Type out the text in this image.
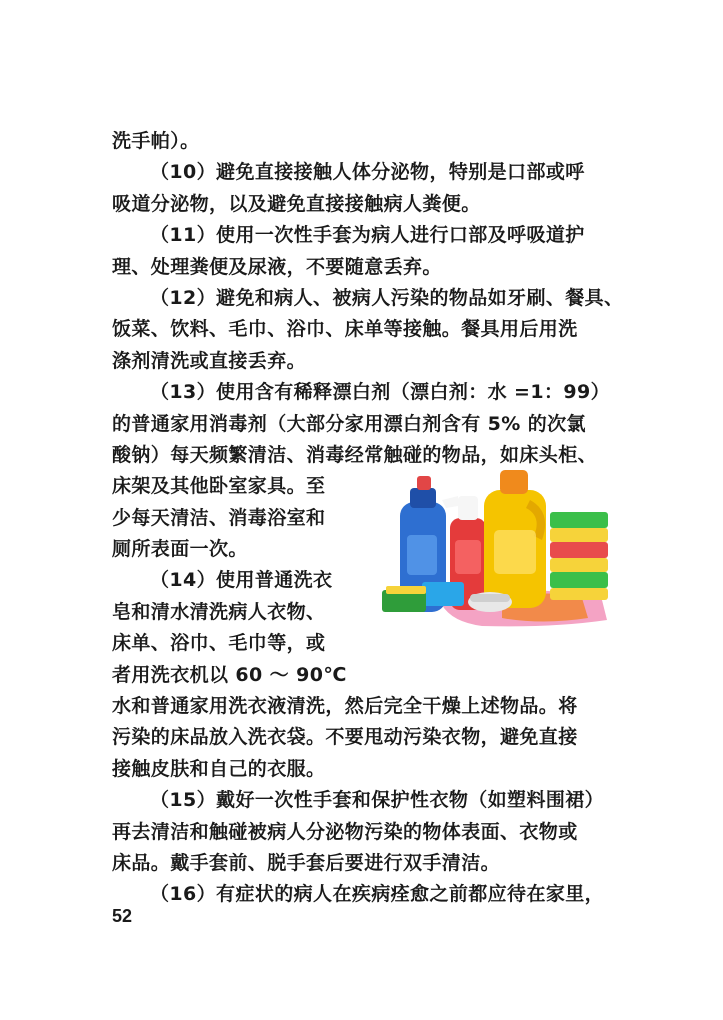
洗手帕）。
（10）避免直接接触人体分泌物，特别是口部或呼
吸道分泌物，以及避免直接接触病人粪便。
（11）使用一次性手套为病人进行口部及呼吸道护
理、处理粪便及尿液，不要随意丢弃。
（12）避免和病人、被病人污染的物品如牙刷、餐具、
饭菜、饮料、毛巾、浴巾、床单等接触。餐具用后用洗
涤剂清洗或直接丢弃。
（13）使用含有稀释漂白剂（漂白剂：水 =1：99）
的普通家用消毒剂（大部分家用漂白剂含有 5% 的次氯
酸钠）每天频繁清洁、消毒经常触碰的物品，如床头柜、
床架及其他卧室家具。至
少每天清洁、消毒浴室和
厕所表面一次。
（14）使用普通洗衣
皂和清水清洗病人衣物、
床单、浴巾、毛巾等，或
者用洗衣机以 60 ～ 90℃
水和普通家用洗衣液清洗，然后完全干燥上述物品。将
污染的床品放入洗衣袋。不要甩动污染衣物，避免直接
接触皮肤和自己的衣服。
（15）戴好一次性手套和保护性衣物（如塑料围裙）
再去清洁和触碰被病人分泌物污染的物体表面、衣物或
床品。戴手套前、脱手套后要进行双手清洁。
（16）有症状的病人在疾病痊愈之前都应待在家里，
52
